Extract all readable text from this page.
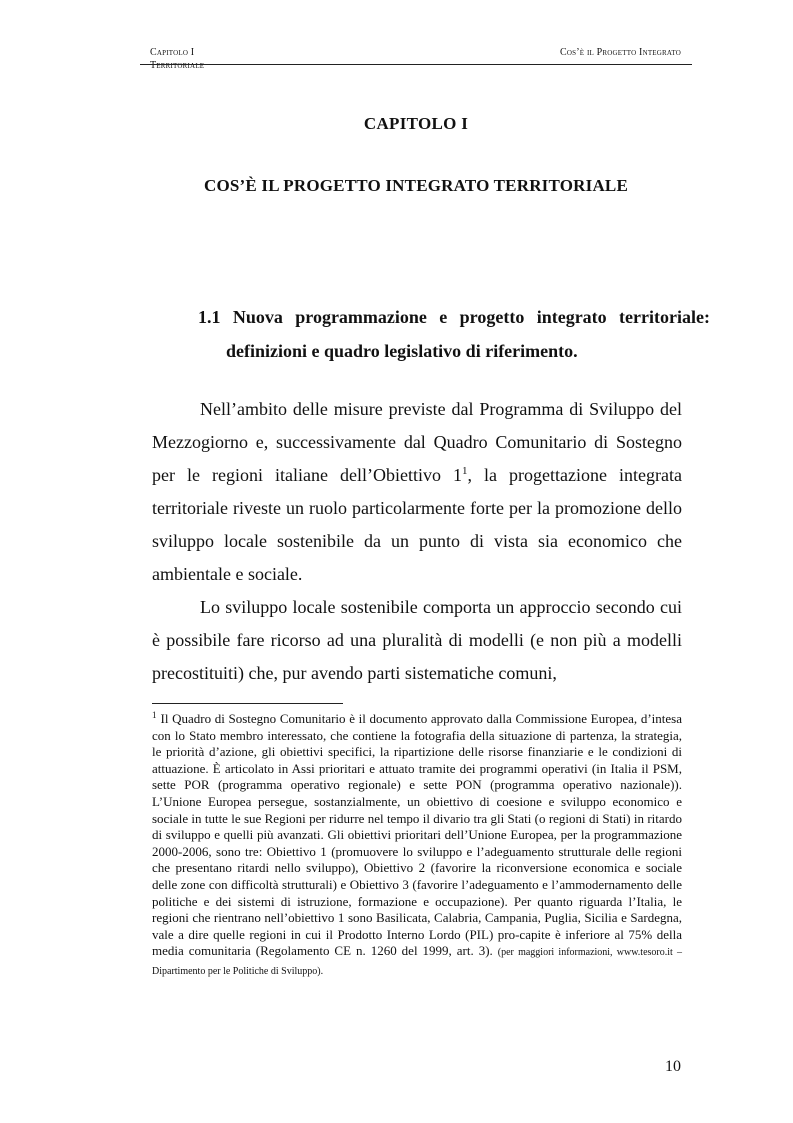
Capitolo I
Territoriale
Cos’è il Progetto Integrato
CAPITOLO I
COS’È IL PROGETTO INTEGRATO TERRITORIALE
1.1 Nuova programmazione e progetto integrato territoriale: definizioni e quadro legislativo di riferimento.

Nell’ambito delle misure previste dal Programma di Sviluppo del Mezzogiorno e, successivamente dal Quadro Comunitario di Sostegno per le regioni italiane dell’Obiettivo $1^1$, la progettazione integrata territoriale riveste un ruolo particolarmente forte per la promozione dello sviluppo locale sostenibile da un punto di vista sia economico che ambientale e sociale.

Lo sviluppo locale sostenibile comporta un approccio secondo cui è possibile fare ricorso ad una pluralità di modelli (e non più a modelli precostituiti) che, pur avendo parti sistematiche comuni,

$^1$ Il Quadro di Sostegno Comunitario è il documento approvato dalla Commissione Europea, d’intesa con lo Stato membro interessato, che contiene la fotografia della situazione di partenza, la strategia, le priorità d’azione, gli obiettivi specifici, la ripartizione delle risorse finanziarie e le condizioni di attuazione. È articolato in Assi prioritari e attuato tramite dei programmi operativi (in Italia il PSM, sette POR (programma operativo regionale) e sette PON (programma operativo nazionale)). L’Unione Europea persegue, sostanzialmente, un obiettivo di coesione e sviluppo economico e sociale in tutte le sue Regioni per ridurre nel tempo il divario tra gli Stati (o regioni di Stati) in ritardo di sviluppo e quelli più avanzati. Gli obiettivi prioritari dell’Unione Europea, per la programmazione 2000-2006, sono tre: Obiettivo 1 (promuovere lo sviluppo e l’adeguamento strutturale delle regioni che presentano ritardi nello sviluppo), Obiettivo 2 (favorire la riconversione economica e sociale delle zone con difficoltà strutturali) e Obiettivo 3 (favorire l’adeguamento e l’ammodernamento delle politiche e dei sistemi di istruzione, formazione e occupazione). Per quanto riguarda l’Italia, le regioni che rientrano nell’obiettivo 1 sono Basilicata, Calabria, Campania, Puglia, Sicilia e Sardegna, vale a dire quelle regioni in cui il Prodotto Interno Lordo (PIL) pro-capite è inferiore al 75% della media comunitaria (Regolamento CE n. 1260 del 1999, art. 3). (per maggiori informazioni, www.tesoro.it – Dipartimento per le Politiche di Sviluppo).
10
